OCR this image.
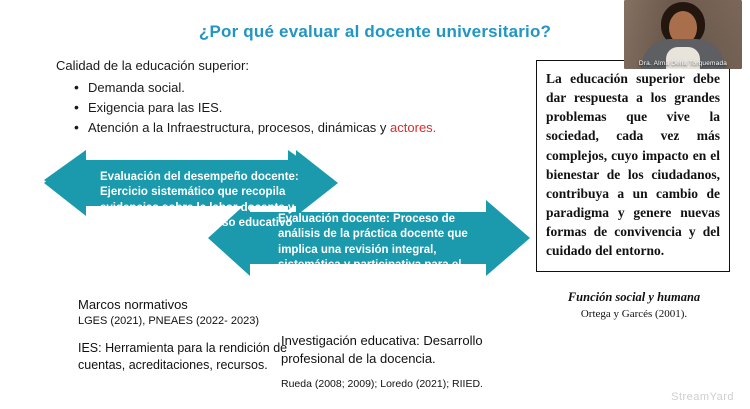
¿Por qué evaluar al docente universitario?
Calidad de la educación superior:
• Demanda social.
• Exigencia para las IES.
• Atención a la Infraestructura, procesos, dinámicas y actores.
Evaluación del desempeño docente: Ejercicio sistemático que recopila evidencias sobre la labor docente y sus logros en el proceso educativo
(Pacheco et al. 2018).
Evaluación docente: Proceso de análisis de la práctica docente que implica una revisión integral, sistemática y participativa para el perfeccionamiento de la enseñanza.
Marcos normativos
LGES (2021), PNEAES (2022- 2023)
IES: Herramienta para la rendición de cuentas, acreditaciones, recursos.
Investigación educativa: Desarrollo profesional de la docencia.
Rueda (2008; 2009); Loredo (2021); RIIED.
La educación superior debe dar respuesta a los grandes problemas que vive la sociedad, cada vez más complejos, cuyo impacto en el bienestar de los ciudadanos, contribuya a un cambio de paradigma y genere nuevas formas de convivencia y del cuidado del entorno.
Función social y humana
Ortega y Garcés (2001).
StreamYard
Dra. Alma Delia Torquemada
